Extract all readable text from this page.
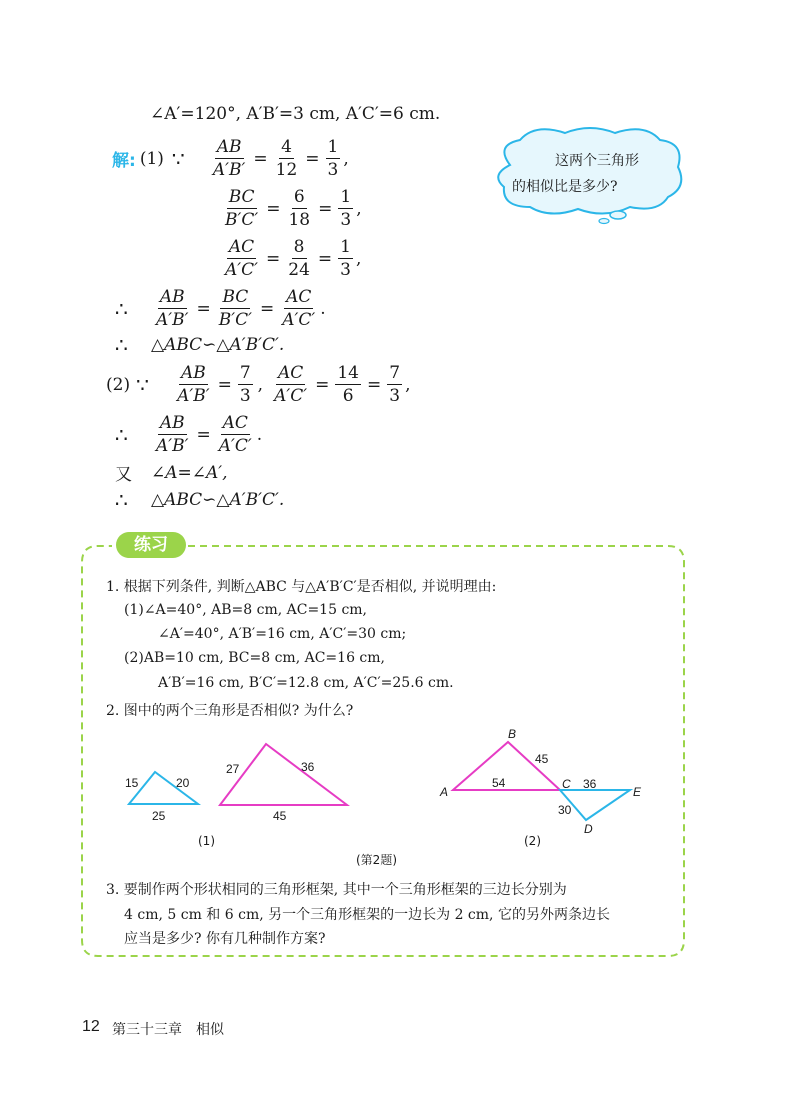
∠A′=120°, A′B′=3 cm, A′C′=6 cm.
解: (1) ∵	$\frac{AB}{A'B'} = \frac{4}{12} = \frac{1}{3}$ ,
$\frac{BC}{B'C'} = \frac{6}{18} = \frac{1}{3}$ ,
$\frac{AC}{A'C'} = \frac{8}{24} = \frac{1}{3}$ ,
∴	$\frac{AB}{A'B'} = \frac{BC}{B'C'} = \frac{AC}{A'C'}$ .
∴	△ABC∽△A′B′C′.
(2) ∵	$\frac{AB}{A'B'} = \frac{7}{3}$ , $\frac{AC}{A'C'} = \frac{14}{6} = \frac{7}{3}$ ,
∴	$\frac{AB}{A'B'} = \frac{AC}{A'C'}$ .
又	∠A=∠A′,
∴	△ABC∽△A′B′C′.
这两个三角形
的相似比是多少?
练习
1. 根据下列条件, 判断△ABC 与△A′B′C′是否相似, 并说明理由:
(1)∠A=40°, AB=8 cm, AC=15 cm,
∠A′=40°, A′B′=16 cm, A′C′=30 cm;
(2)AB=10 cm, BC=8 cm, AC=16 cm,
A′B′=16 cm, B′C′=12.8 cm, A′C′=25.6 cm.
2. 图中的两个三角形是否相似? 为什么?
15	20
25
27	36
45
(1)
A
B
C
D
E
54
45
36
30
(2)
(第2题)
3. 要制作两个形状相同的三角形框架, 其中一个三角形框架的三边长分别为
4 cm, 5 cm 和 6 cm, 另一个三角形框架的一边长为 2 cm, 它的另外两条边长
应当是多少? 你有几种制作方案?
12 第三十三章 相似
